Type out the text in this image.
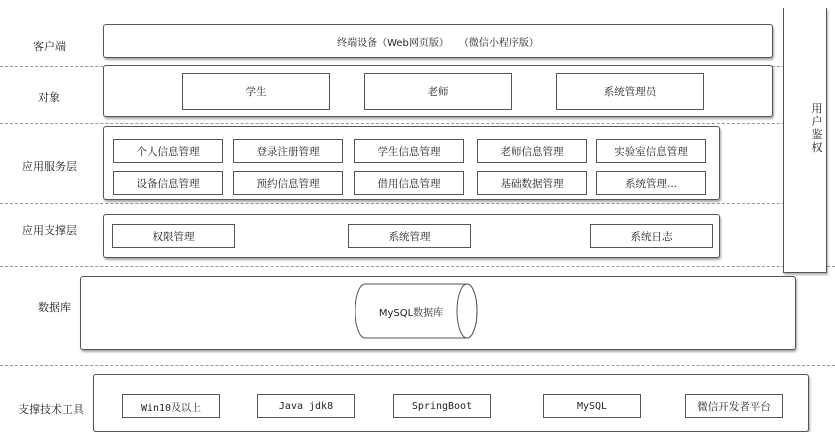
用
户
鉴
权
客户端	终端设备（Web网页版）　　（微信小程序版）
对象	学生	老师	系统管理员
应用服务层
个人信息管理	登录注册管理	学生信息管理	老师信息管理	实验室信息管理
设备信息管理	预约信息管理	借用信息管理	基础数据管理	系统管理...
应用支撑层	权限管理	系统管理	系统日志
数据库	MySQL数据库
支撑技术工具	Win10及以上	Java jdk8	SpringBoot	MySQL	微信开发者平台
